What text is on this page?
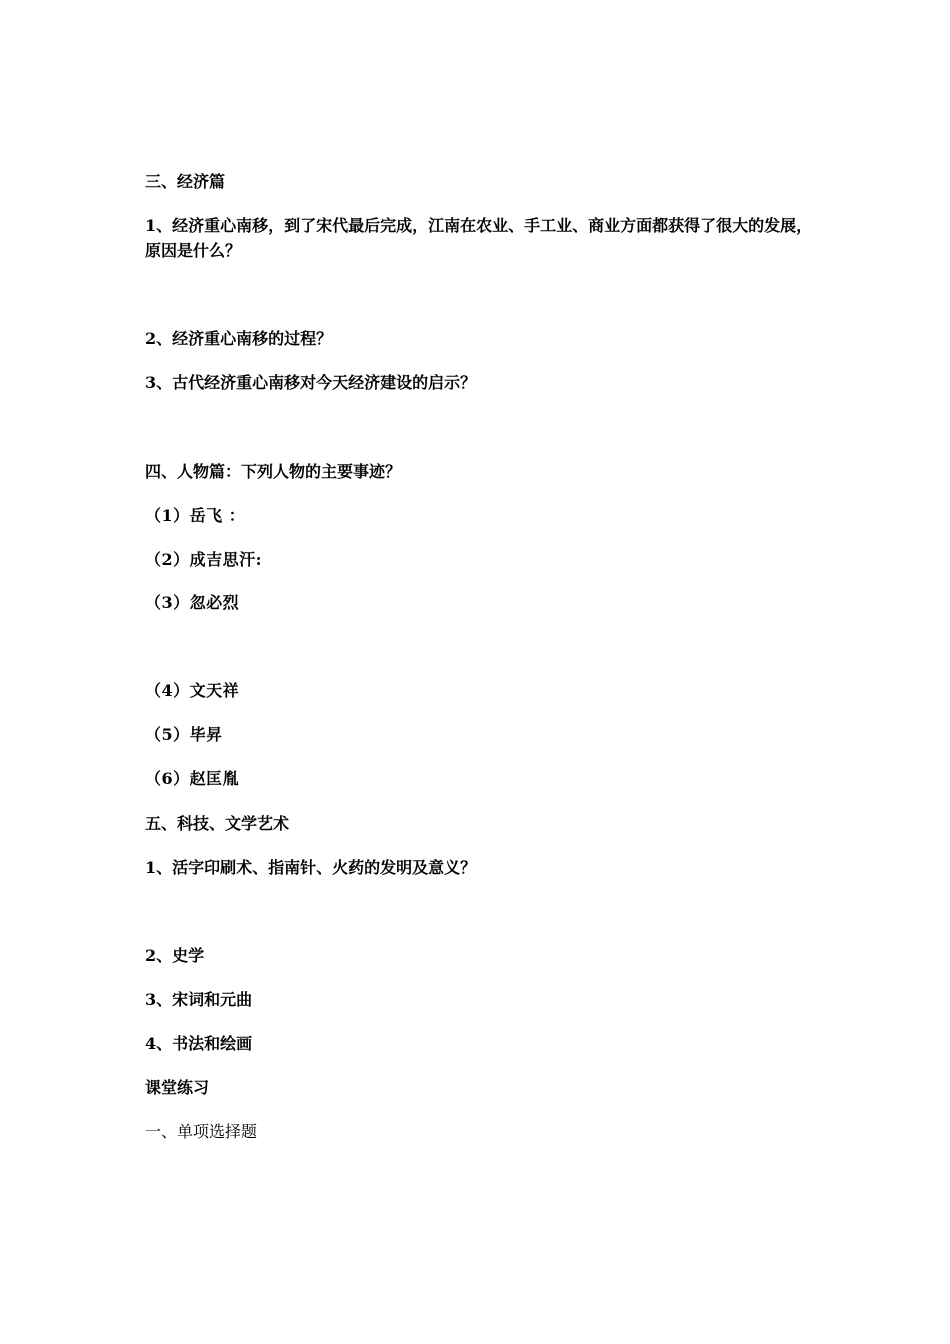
三、经济篇
1、经济重心南移，到了宋代最后完成，江南在农业、手工业、商业方面都获得了很大的发展，
原因是什么？
2、经济重心南移的过程？
3、古代经济重心南移对今天经济建设的启示？
四、人物篇：下列人物的主要事迹？
（1）岳飞 ：
（2）成吉思汗:
（3）忽必烈
（4）文天祥
（5）毕昇
（6）赵匡胤
五、科技、文学艺术
1、活字印刷术、指南针、火药的发明及意义？
2、史学
3、宋词和元曲
4、书法和绘画
课堂练习
一、单项选择题
